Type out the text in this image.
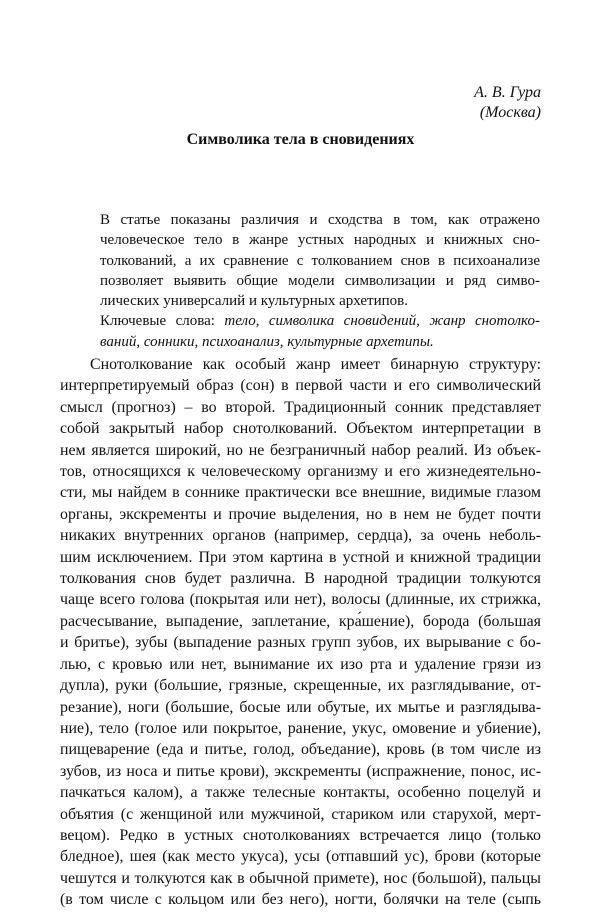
А. В. Гура
(Москва)
Символика тела в сновидениях
В статье показаны различия и сходства в том, как отражено
человеческое тело в жанре устных народных и книжных сно-
толкований, а их сравнение с толкованием снов в психоанализе
позволяет выявить общие модели символизации и ряд симво-
лических универсалий и культурных архетипов.
Ключевые слова: тело, символика сновидений, жанр снотолко-
ваний, сонники, психоанализ, культурные архетипы.
Снотолкование как особый жанр имеет бинарную структуру:
интерпретируемый образ (сон) в первой части и его символический
смысл (прогноз) – во второй. Традиционный сонник представляет
собой закрытый набор снотолкований. Объектом интерпретации в
нем является широкий, но не безграничный набор реалий. Из объек-
тов, относящихся к человеческому организму и его жизнедеятельно-
сти, мы найдем в соннике практически все внешние, видимые глазом
органы, экскременты и прочие выделения, но в нем не будет почти
никаких внутренних органов (например, сердца), за очень неболь-
шим исключением. При этом картина в устной и книжной традиции
толкования снов будет различна. В народной традиции толкуются
чаще всего голова (покрытая или нет), волосы (длинные, их стрижка,
расчесывание, выпадение, заплетание, кра́шение), борода (большая
и бритье), зубы (выпадение разных групп зубов, их вырывание с бо-
лью, с кровью или нет, вынимание их изо рта и удаление грязи из
дупла), руки (большие, грязные, скрещенные, их разглядывание, от-
резание), ноги (большие, босые или обутые, их мытье и разглядыва-
ние), тело (голое или покрытое, ранение, укус, омовение и убиение),
пищеварение (еда и питье, голод, объедание), кровь (в том числе из
зубов, из носа и питье крови), экскременты (испражнение, понос, ис-
пачкаться калом), а также телесные контакты, особенно поцелуй и
объятия (с женщиной или мужчиной, стариком или старухой, мерт-
вецом). Редко в устных снотолкованиях встречается лицо (только
бледное), шея (как место укуса), усы (отпавший ус), брови (которые
чешутся и толкуются как в обычной примете), нос (большой), пальцы
(в том числе с кольцом или без него), ногти, болячки на теле (сыпь
